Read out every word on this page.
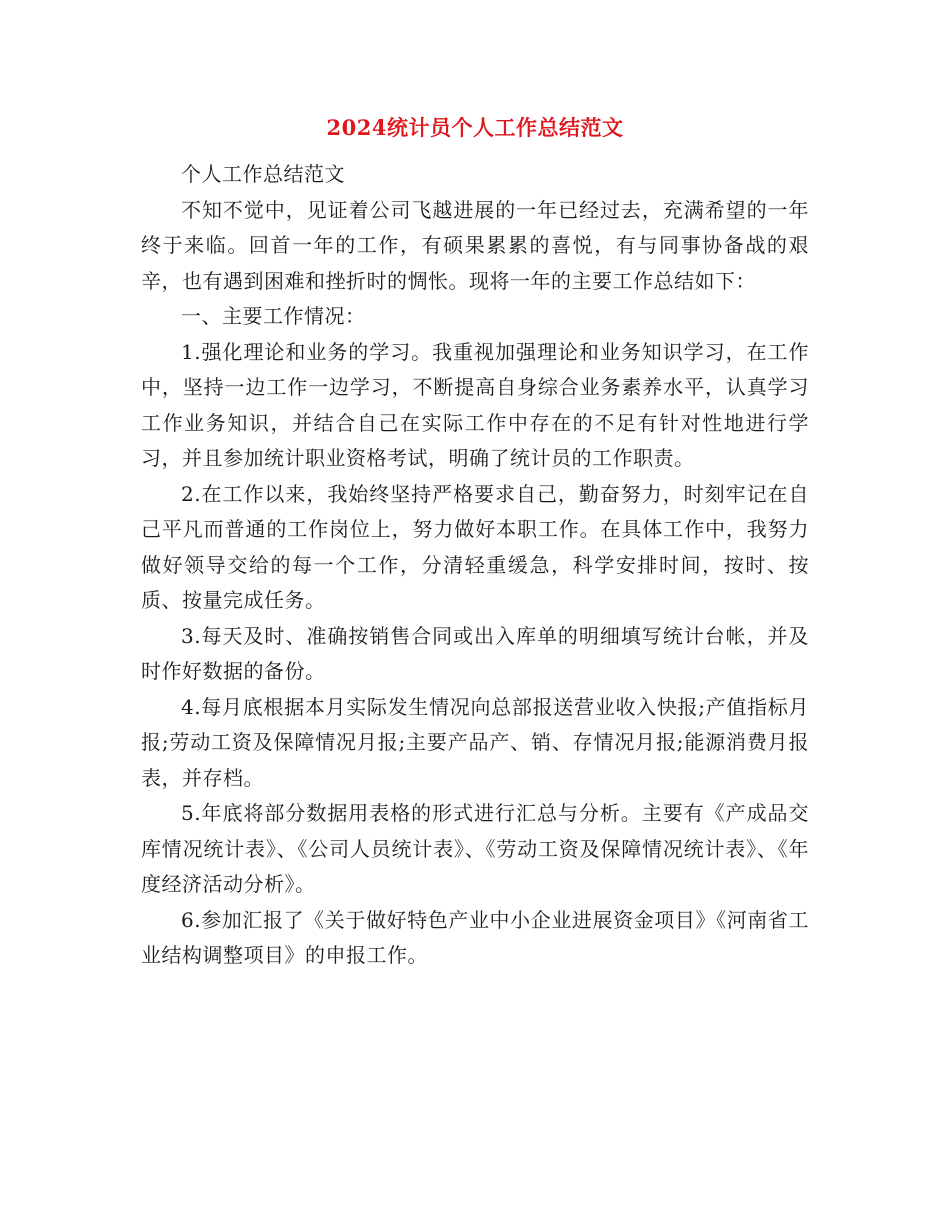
2024统计员个人工作总结范文

个人工作总结范文

不知不觉中，见证着公司飞越进展的一年已经过去，充满希望的一年终于来临。回首一年的工作，有硕果累累的喜悦，有与同事协备战的艰辛，也有遇到困难和挫折时的惆怅。现将一年的主要工作总结如下：

一、主要工作情况：

1.强化理论和业务的学习。我重视加强理论和业务知识学习，在工作中，坚持一边工作一边学习，不断提高自身综合业务素养水平，认真学习工作业务知识，并结合自己在实际工作中存在的不足有针对性地进行学习，并且参加统计职业资格考试，明确了统计员的工作职责。

2.在工作以来，我始终坚持严格要求自己，勤奋努力，时刻牢记在自己平凡而普通的工作岗位上，努力做好本职工作。在具体工作中，我努力做好领导交给的每一个工作，分清轻重缓急，科学安排时间，按时、按质、按量完成任务。

3.每天及时、准确按销售合同或出入库单的明细填写统计台帐，并及时作好数据的备份。

4.每月底根据本月实际发生情况向总部报送营业收入快报;产值指标月报;劳动工资及保障情况月报;主要产品产、销、存情况月报;能源消费月报表，并存档。

5.年底将部分数据用表格的形式进行汇总与分析。主要有《产成品交库情况统计表》、《公司人员统计表》、《劳动工资及保障情况统计表》、《年度经济活动分析》。

6.参加汇报了《关于做好特色产业中小企业进展资金项目》《河南省工业结构调整项目》的申报工作。
